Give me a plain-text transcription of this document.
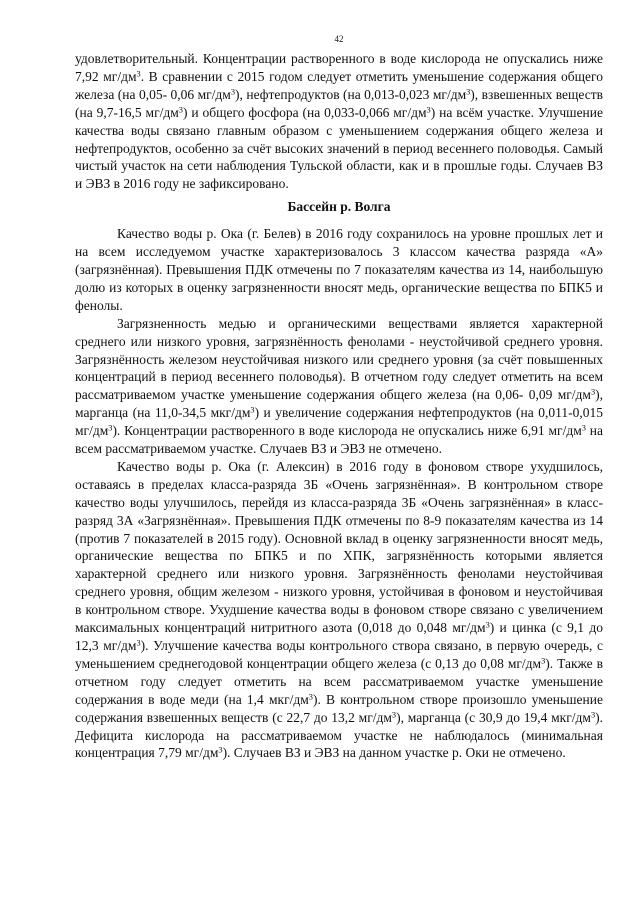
42

удовлетворительный. Концентрации растворенного в воде кислорода не опускались ниже 7,92 $мг/дм^3$. В сравнении с 2015 годом следует отметить уменьшение содержания общего железа (на 0,05- 0,06 $мг/дм^3$), нефтепродуктов (на 0,013-0,023 $мг/дм^3$), взвешенных веществ (на 9,7-16,5 $мг/дм^3$) и общего фосфора (на 0,033-0,066 $мг/дм^3$) на всём участке. Улучшение качества воды связано главным образом с уменьшением содержания общего железа и нефтепродуктов, особенно за счёт высоких значений в период весеннего половодья. Самый чистый участок на сети наблюдения Тульской области, как и в прошлые годы. Случаев ВЗ и ЭВЗ в 2016 году не зафиксировано.

Бассейн р. Волга

Качество воды р. Ока (г. Белев) в 2016 году сохранилось на уровне прошлых лет и на всем исследуемом участке характеризовалось 3 классом качества разряда «А» (загрязнённая). Превышения ПДК отмечены по 7 показателям качества из 14, наибольшую долю из которых в оценку загрязненности вносят медь, органические вещества по БПК5 и фенолы.

Загрязненность медью и органическими веществами является характерной среднего или низкого уровня, загрязнённость фенолами - неустойчивой среднего уровня. Загрязнённость железом неустойчивая низкого или среднего уровня (за счёт повышенных концентраций в период весеннего половодья). В отчетном году следует отметить на всем рассматриваемом участке уменьшение содержания общего железа (на 0,06- 0,09 $мг/дм^3$), марганца (на 11,0-34,5 мкг/$дм^3$) и увеличение содержания нефтепродуктов (на 0,011-0,015 $мг/дм^3$). Концентрации растворенного в воде кислорода не опускались ниже 6,91 $мг/дм^3$ на всем рассматриваемом участке. Случаев ВЗ и ЭВЗ не отмечено.

Качество воды р. Ока (г. Алексин) в 2016 году в фоновом створе ухудшилось, оставаясь в пределах класса-разряда 3Б «Очень загрязнённая». В контрольном створе качество воды улучшилось, перейдя из класса-разряда 3Б «Очень загрязнённая» в класс-разряд 3А «Загрязнённая». Превышения ПДК отмечены по 8-9 показателям качества из 14 (против 7 показателей в 2015 году). Основной вклад в оценку загрязненности вносят медь, органические вещества по БПК5 и по ХПК, загрязнённость которыми является характерной среднего или низкого уровня. Загрязнённость фенолами неустойчивая среднего уровня, общим железом - низкого уровня, устойчивая в фоновом и неустойчивая в контрольном створе. Ухудшение качества воды в фоновом створе связано с увеличением максимальных концентраций нитритного азота (0,018 до 0,048 $мг/дм^3$) и цинка (с 9,1 до 12,3 $мг/дм^3$). Улучшение качества воды контрольного створа связано, в первую очередь, с уменьшением среднегодовой концентрации общего железа (с 0,13 до 0,08 $мг/дм^3$). Также в отчетном году следует отметить на всем рассматриваемом участке уменьшение содержания в воде меди (на 1,4 мкг/$дм^3$). В контрольном створе произошло уменьшение содержания взвешенных веществ (с 22,7 до 13,2 $мг/дм^3$), марганца (с 30,9 до 19,4 мкг/$дм^3$). Дефицита кислорода на рассматриваемом участке не наблюдалось (минимальная концентрация 7,79 $мг/дм^3$). Случаев ВЗ и ЭВЗ на данном участке р. Оки не отмечено.
